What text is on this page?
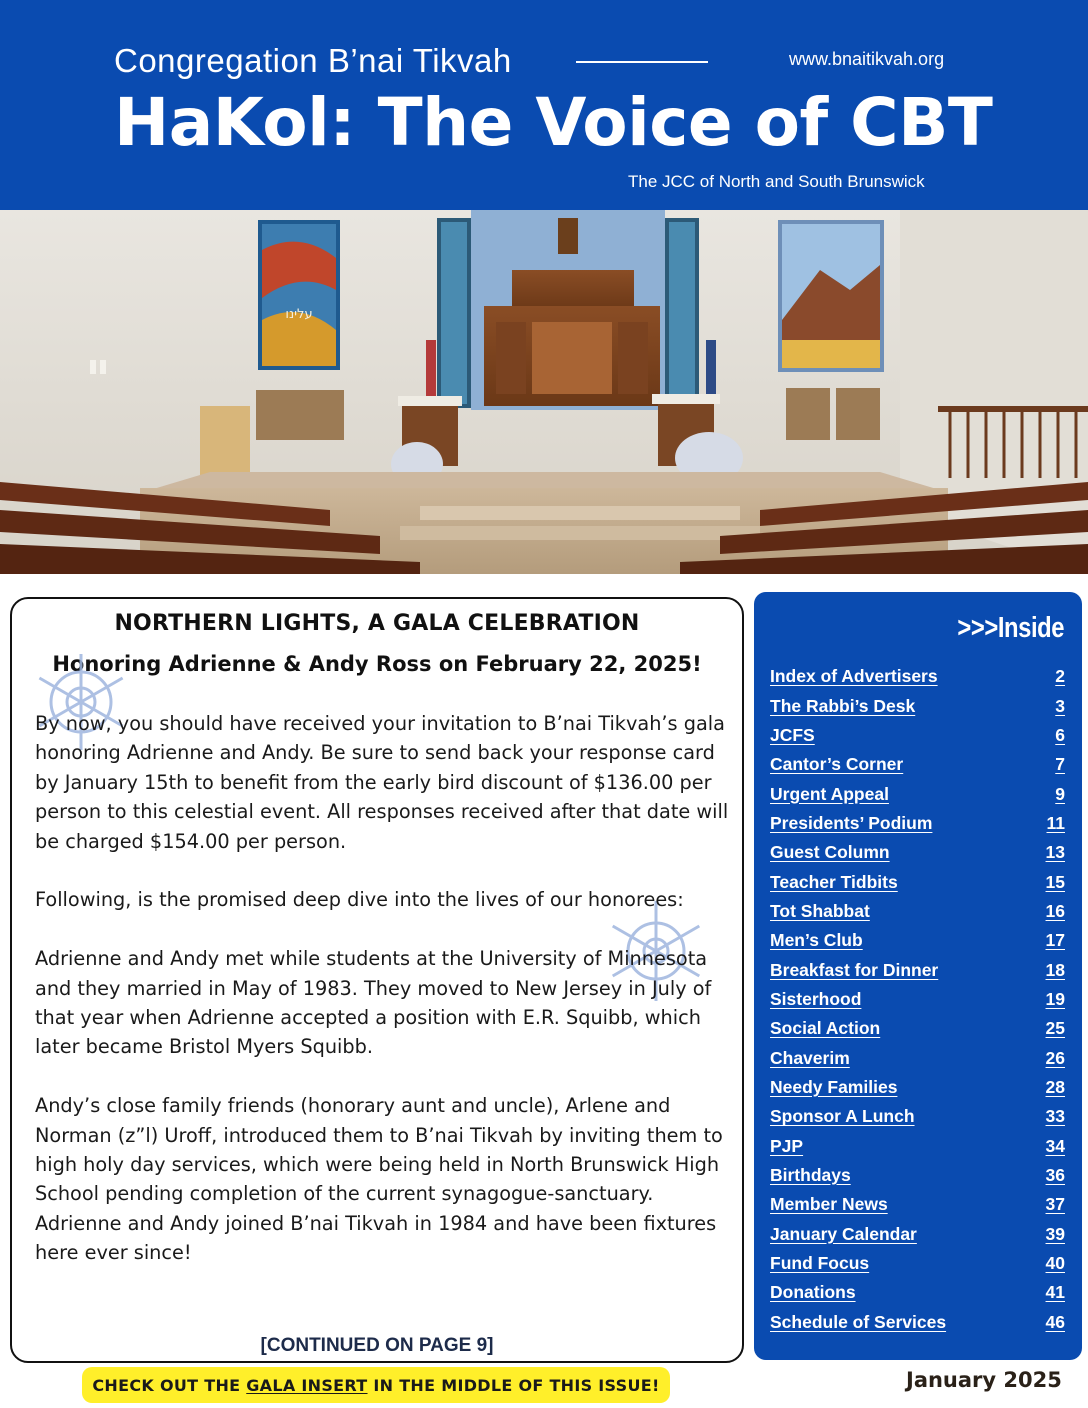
Congregation B’nai Tikvah	www.bnaitikvah.org
HaKol: The Voice of CBT
The JCC of North and South Brunswick
עלינו
NORTHERN LIGHTS, A GALA CELEBRATION
Honoring Adrienne & Andy Ross on February 22, 2025!

By now, you should have received your invitation to B’nai Tikvah’s gala honoring Adrienne and Andy. Be sure to send back your response card by January 15th to benefit from the early bird discount of $136.00 per person to this celestial event. All responses received after that date will be charged $154.00 per person.

Following, is the promised deep dive into the lives of our honorees:

Adrienne and Andy met while students at the University of Minnesota and they married in May of 1983. They moved to New Jersey in July of that year when Adrienne accepted a position with E.R. Squibb, which later became Bristol Myers Squibb.

Andy’s close family friends (honorary aunt and uncle), Arlene and Norman (z”l) Uroff, introduced them to B’nai Tikvah by inviting them to high holy day services, which were being held in North Brunswick High School pending completion of the current synagogue-sanctuary. Adrienne and Andy joined B’nai Tikvah in 1984 and have been fixtures here ever since!

[CONTINUED ON PAGE 9]
>>>Inside
Index of Advertisers	2
The Rabbi’s Desk	3
JCFS	6
Cantor’s Corner	7
Urgent Appeal	9
Presidents’ Podium	11
Guest Column	13
Teacher Tidbits	15
Tot Shabbat	16
Men’s Club	17
Breakfast for Dinner	18
Sisterhood	19
Social Action	25
Chaverim	26
Needy Families	28
Sponsor A Lunch	33
PJP	34
Birthdays	36
Member News	37
January Calendar	39
Fund Focus	40
Donations	41
Schedule of Services	46
CHECK OUT THE GALA INSERT IN THE MIDDLE OF THIS ISSUE!	January 2025
